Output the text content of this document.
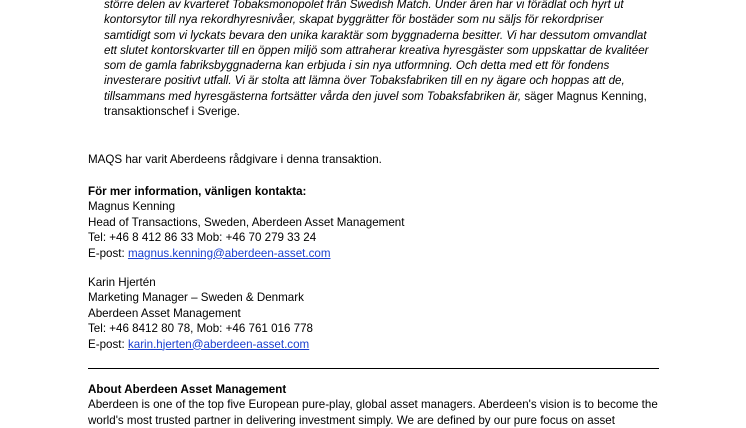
större delen av kvarteret Tobaksmonopolet från Swedish Match. Under åren har vi förädlat och hyrt ut
kontorsytor till nya rekordhyresnivåer, skapat byggrätter för bostäder som nu säljs för rekordpriser
samtidigt som vi lyckats bevara den unika karaktär som byggnaderna besitter. Vi har dessutom omvandlat
ett slutet kontorskvarter till en öppen miljö som attraherar kreativa hyresgäster som uppskattar de kvalitéer
som de gamla fabriksbyggnaderna kan erbjuda i sin nya utformning. Och detta med ett för fondens
investerare positivt utfall. Vi är stolta att lämna över Tobaksfabriken till en ny ägare och hoppas att de,
tillsammans med hyresgästerna fortsätter vårda den juvel som Tobaksfabriken är, säger Magnus Kenning,
transaktionschef i Sverige.
MAQS har varit Aberdeens rådgivare i denna transaktion.
För mer information, vänligen kontakta:
Magnus Kenning
Head of Transactions, Sweden, Aberdeen Asset Management
Tel: +46 8 412 86 33 Mob: +46 70 279 33 24
E-post: magnus.kenning@aberdeen-asset.com
Karin Hjertén
Marketing Manager – Sweden & Denmark
Aberdeen Asset Management
Tel: +46 8412 80 78, Mob: +46 761 016 778
E-post: karin.hjerten@aberdeen-asset.com
About Aberdeen Asset Management
Aberdeen is one of the top five European pure-play, global asset managers. Aberdeen's vision is to become the
world's most trusted partner in delivering investment simply. We are defined by our pure focus on asset
